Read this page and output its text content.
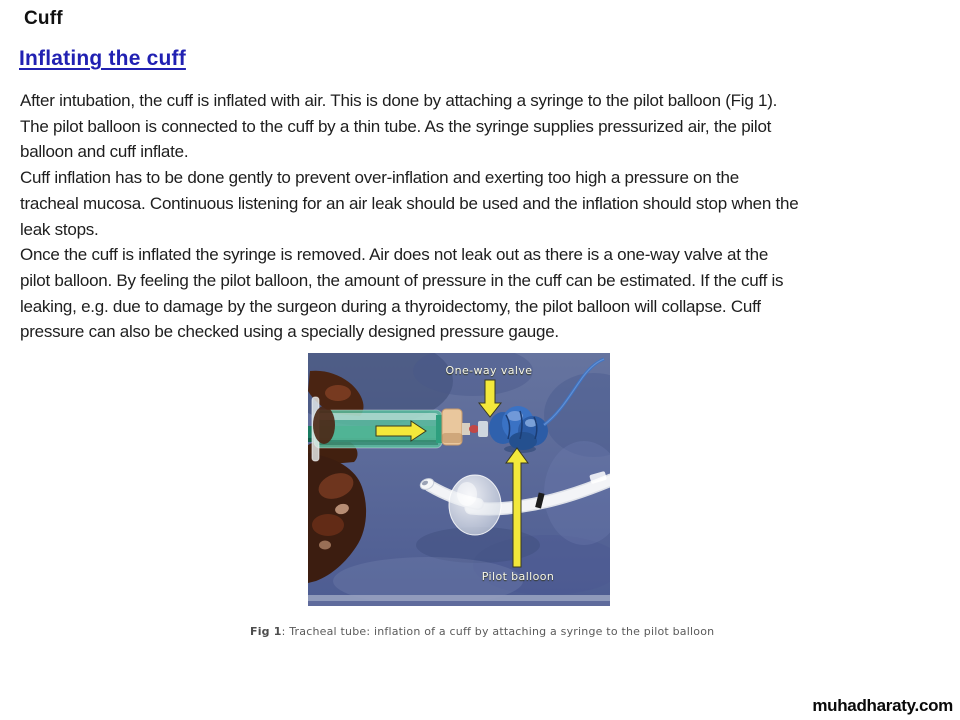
Cuff
Inflating the cuff
After intubation, the cuff is inflated with air. This is done by attaching a syringe to the pilot balloon (Fig 1).
The pilot balloon is connected to the cuff by a thin tube. As the syringe supplies pressurized air, the pilot
balloon and cuff inflate.
Cuff inflation has to be done gently to prevent over-inflation and exerting too high a pressure on the
tracheal mucosa. Continuous listening for an air leak should be used and the inflation should stop when the
leak stops.
Once the cuff is inflated the syringe is removed. Air does not leak out as there is a one-way valve at the
pilot balloon. By feeling the pilot balloon, the amount of pressure in the cuff can be estimated. If the cuff is
leaking, e.g. due to damage by the surgeon during a thyroidectomy, the pilot balloon will collapse. Cuff
pressure can also be checked using a specially designed pressure gauge.
One-way valve
Pilot balloon
Fig 1: Tracheal tube: inflation of a cuff by attaching a syringe to the pilot balloon
muhadharaty.com
